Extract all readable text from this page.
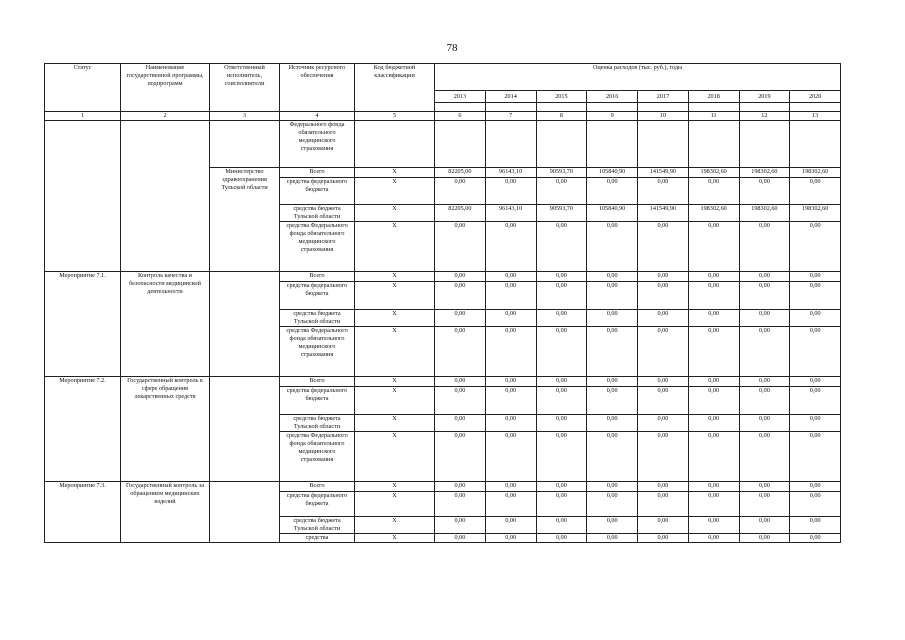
78
Статус	Наименование государственной программы, подпрограмм	Ответственный исполнитель, соисполнители	Источник ресурсного обеспечения	Код бюджетной классификации	Оценка расходов (тыс. руб.), годы							
					2013	2014	2015	2016	2017	2018	2019	2020

1	2	3	4	5	6	7	8	9	10	11	12	13
			Федерального фонда обязательного медицинского страхования									
		Министерство здравоохранения Тульской области	Всего	Х	82205,00	96143,10	90593,70	105840,90	141549,90	198302,60	198302,60	198302,60
			средства федерального бюджета	Х	0,00	0,00	0,00	0,00	0,00	0,00	0,00	0,00
			средства бюджета Тульской области	Х	82205,00	96143,10	90593,70	105840,90	141549,90	198302,60	198302,60	198302,60
			средства Федерального фонда обязательного медицинского страхования	Х	0,00	0,00	0,00	0,00	0,00	0,00	0,00	0,00
Мероприятие 7.1.	Контроль качества и безопасности медицинской деятельности		Всего	Х	0,00	0,00	0,00	0,00	0,00	0,00	0,00	0,00
			средства федерального бюджета	Х	0,00	0,00	0,00	0,00	0,00	0,00	0,00	0,00
			средства бюджета Тульской области	Х	0,00	0,00	0,00	0,00	0,00	0,00	0,00	0,00
			средства Федерального фонда обязательного медицинского страхования	Х	0,00	0,00	0,00	0,00	0,00	0,00	0,00	0,00
Мероприятие 7.2.	Государственный контроль в сфере обращения лекарственных средств		Всего	Х	0,00	0,00	0,00	0,00	0,00	0,00	0,00	0,00
			средства федерального бюджета	Х	0,00	0,00	0,00	0,00	0,00	0,00	0,00	0,00
			средства бюджета Тульской области	Х	0,00	0,00	0,00	0,00	0,00	0,00	0,00	0,00
			средства Федерального фонда обязательного медицинского страхования	Х	0,00	0,00	0,00	0,00	0,00	0,00	0,00	0,00
Мероприятие 7.3.	Государственный контроль за обращением медицинских изделий		Всего	Х	0,00	0,00	0,00	0,00	0,00	0,00	0,00	0,00
			средства федерального бюджета	Х	0,00	0,00	0,00	0,00	0,00	0,00	0,00	0,00
			средства бюджета Тульской области	Х	0,00	0,00	0,00	0,00	0,00	0,00	0,00	0,00
			средства	Х	0,00	0,00	0,00	0,00	0,00	0,00	0,00	0,00
